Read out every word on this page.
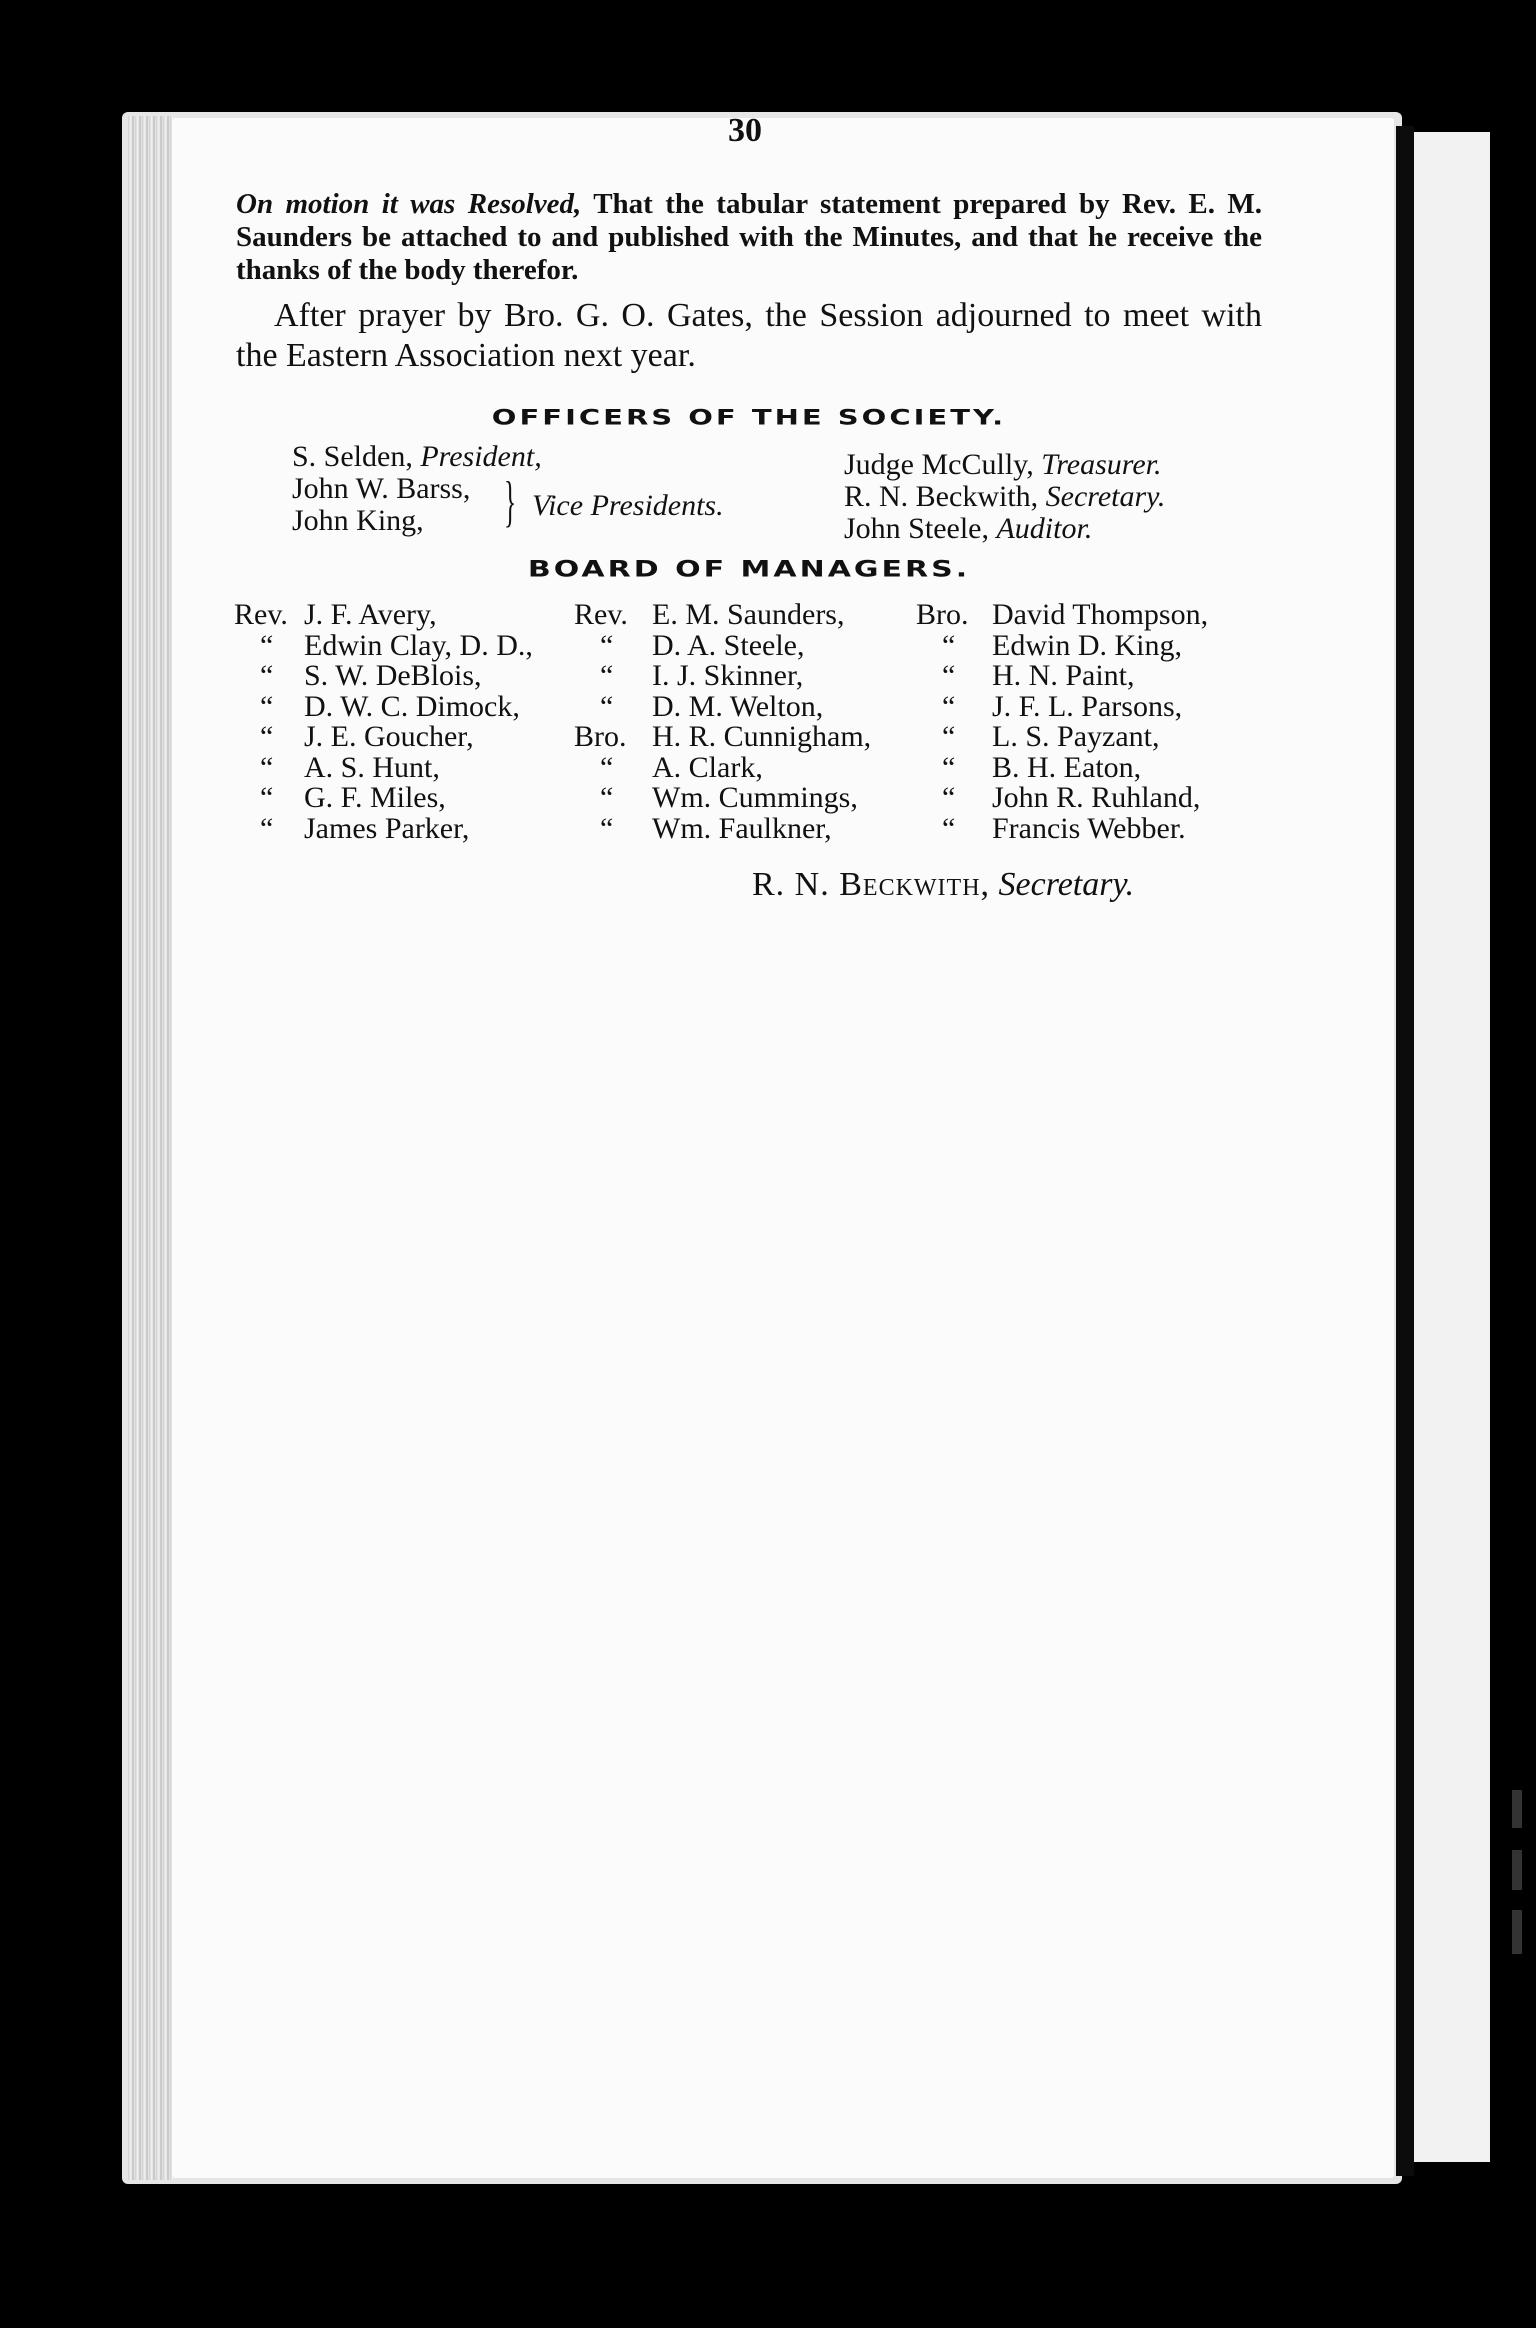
30

On motion it was Resolved, That the tabular statement prepared by Rev. E. M. Saunders be attached to and published with the Minutes, and that he receive the thanks of the body therefor.

After prayer by Bro. G. O. Gates, the Session adjourned to meet with the Eastern Association next year.

OFFICERS OF THE SOCIETY.
S. Selden, President,
John W. Barss,
John King, } Vice Presidents.
Judge McCully, Treasurer.
R. N. Beckwith, Secretary.
John Steele, Auditor.
BOARD OF MANAGERS.
Rev. J. F. Avery,
“ Edwin Clay, D. D.,
“ S. W. DeBlois,
“ D. W. C. Dimock,
“ J. E. Goucher,
“ A. S. Hunt,
“ G. F. Miles,
“ James Parker,
Rev. E. M. Saunders,
“ D. A. Steele,
“ I. J. Skinner,
“ D. M. Welton,
Bro. H. R. Cunnigham,
“ A. Clark,
“ Wm. Cummings,
“ Wm. Faulkner,
Bro. David Thompson,
“ Edwin D. King,
“ H. N. Paint,
“ J. F. L. Parsons,
“ L. S. Payzant,
“ B. H. Eaton,
“ John R. Ruhland,
“ Francis Webber.
R. N. Beckwith, Secretary.
